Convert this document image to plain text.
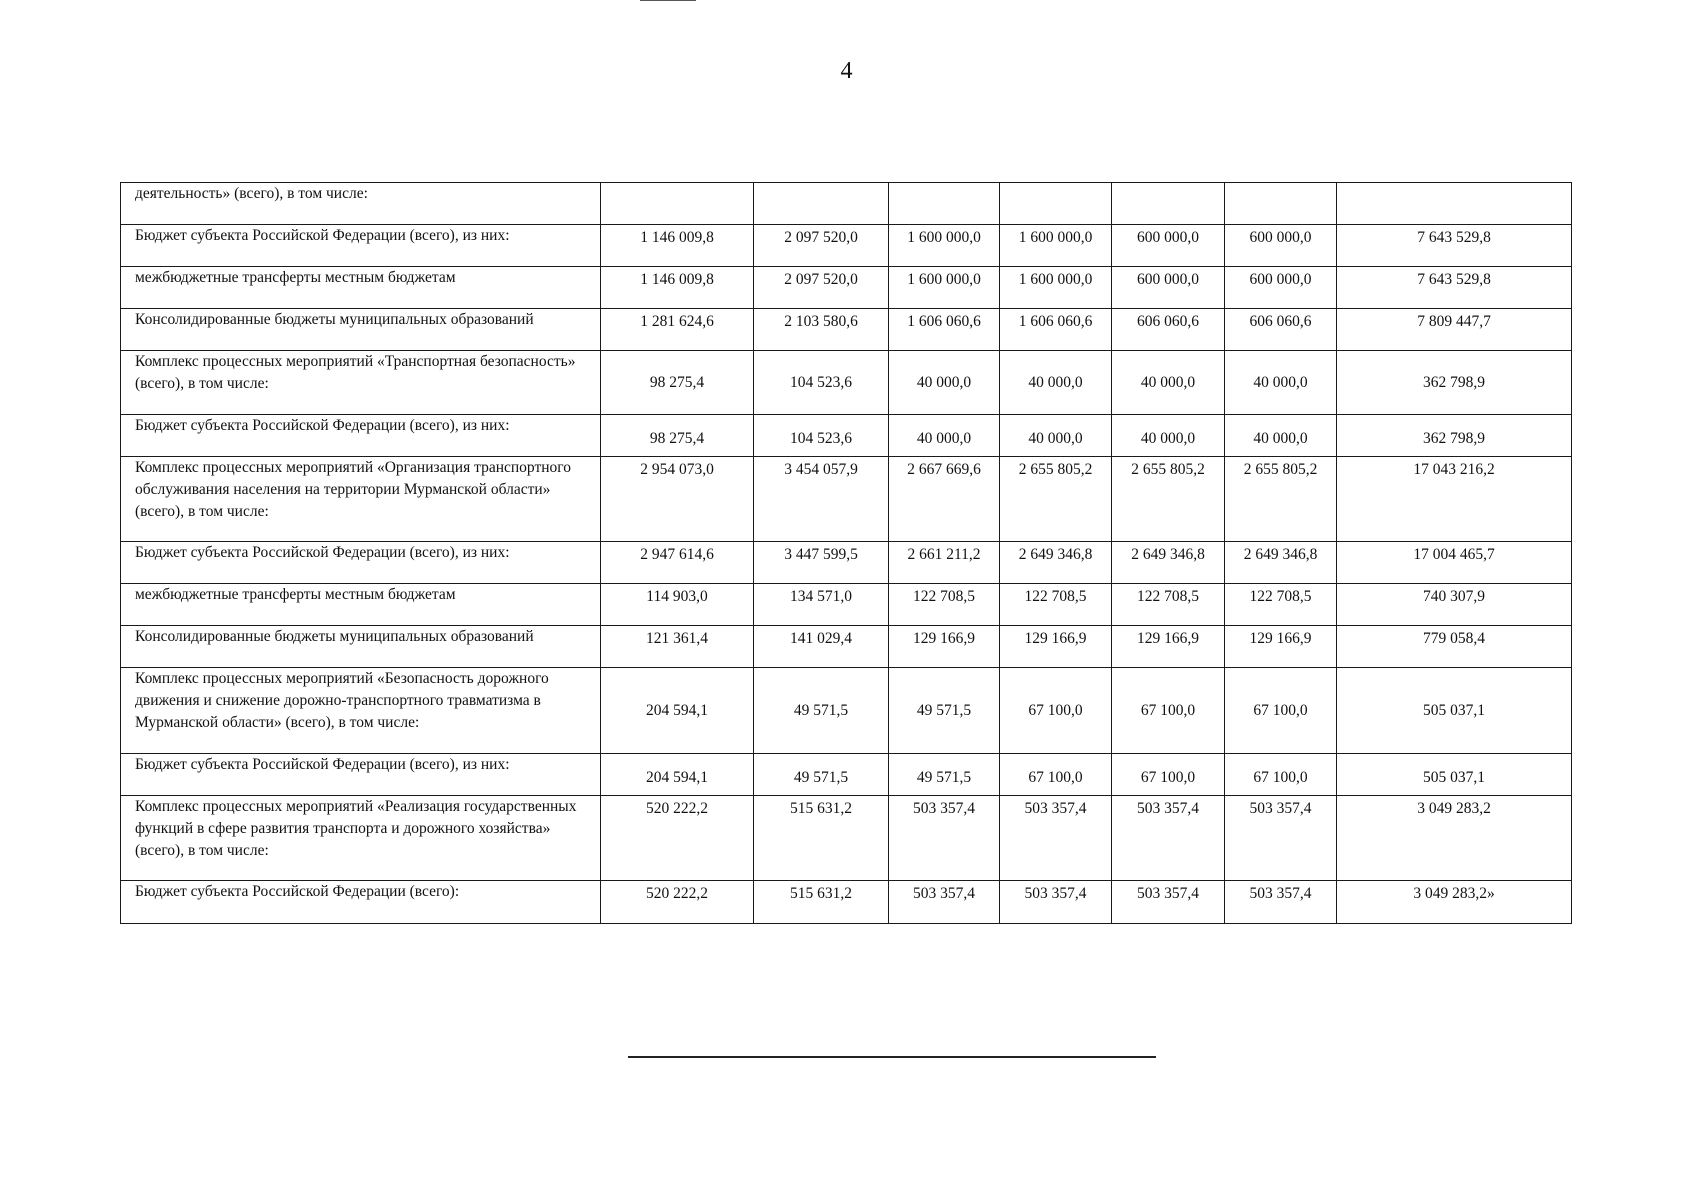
4
деятельность» (всего), в том числе:							
Бюджет субъекта Российской Федерации (всего), из них:	1 146 009,8	2 097 520,0	1 600 000,0	1 600 000,0	600 000,0	600 000,0	7 643 529,8
межбюджетные трансферты местным бюджетам	1 146 009,8	2 097 520,0	1 600 000,0	1 600 000,0	600 000,0	600 000,0	7 643 529,8
Консолидированные бюджеты муниципальных образований	1 281 624,6	2 103 580,6	1 606 060,6	1 606 060,6	606 060,6	606 060,6	7 809 447,7
Комплекс процессных мероприятий «Транспортная безопасность» (всего), в том числе:	98 275,4	104 523,6	40 000,0	40 000,0	40 000,0	40 000,0	362 798,9
Бюджет субъекта Российской Федерации (всего), из них:	98 275,4	104 523,6	40 000,0	40 000,0	40 000,0	40 000,0	362 798,9
Комплекс процессных мероприятий «Организация транспортного обслуживания населения на территории Мурманской области» (всего), в том числе:	2 954 073,0	3 454 057,9	2 667 669,6	2 655 805,2	2 655 805,2	2 655 805,2	17 043 216,2
Бюджет субъекта Российской Федерации (всего), из них:	2 947 614,6	3 447 599,5	2 661 211,2	2 649 346,8	2 649 346,8	2 649 346,8	17 004 465,7
межбюджетные трансферты местным бюджетам	114 903,0	134 571,0	122 708,5	122 708,5	122 708,5	122 708,5	740 307,9
Консолидированные бюджеты муниципальных образований	121 361,4	141 029,4	129 166,9	129 166,9	129 166,9	129 166,9	779 058,4
Комплекс процессных мероприятий «Безопасность дорожного движения и снижение дорожно-транспортного травматизма в Мурманской области» (всего), в том числе:	204 594,1	49 571,5	49 571,5	67 100,0	67 100,0	67 100,0	505 037,1
Бюджет субъекта Российской Федерации (всего), из них:	204 594,1	49 571,5	49 571,5	67 100,0	67 100,0	67 100,0	505 037,1
Комплекс процессных мероприятий «Реализация государственных функций в сфере развития транспорта и дорожного хозяйства» (всего), в том числе:	520 222,2	515 631,2	503 357,4	503 357,4	503 357,4	503 357,4	3 049 283,2
Бюджет субъекта Российской Федерации (всего):	520 222,2	515 631,2	503 357,4	503 357,4	503 357,4	503 357,4	3 049 283,2»
